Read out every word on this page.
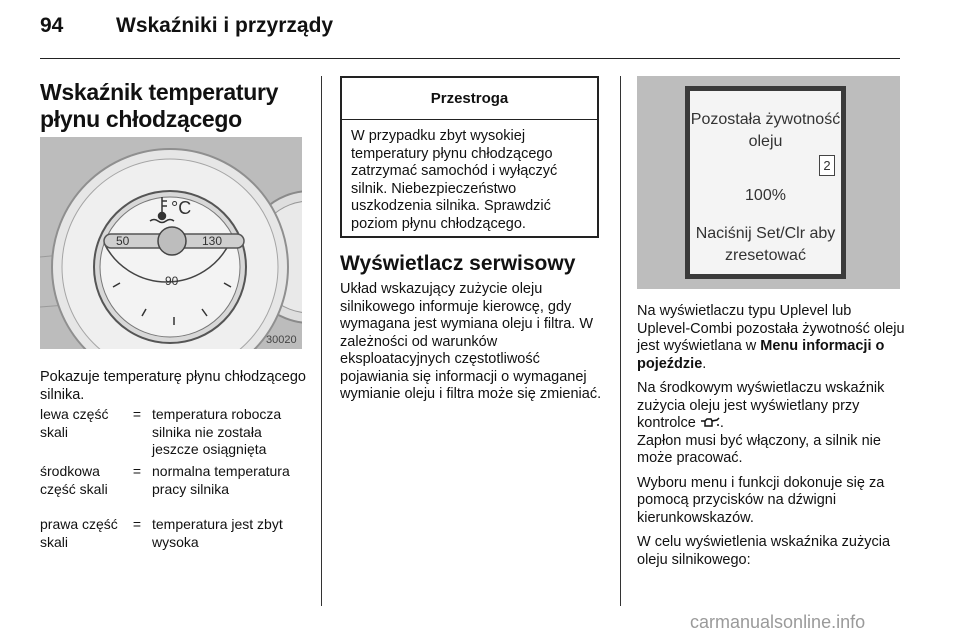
94	Wskaźniki i przyrządy
Wskaźnik temperatury płynu chłodzącego
50	130
90
°C
30020
Pokazuje temperaturę płynu chłodzącego silnika.
lewa część skali
= temperatura robocza silnika nie została jeszcze osiągnięta
środkowa część skali
= normalna temperatura pracy silnika
prawa część skali
= temperatura jest zbyt wysoka
Przestroga
W przypadku zbyt wysokiej temperatury płynu chłodzącego zatrzymać samochód i wyłączyć silnik. Niebezpieczeństwo uszkodzenia silnika. Sprawdzić poziom płynu chłodzącego.
Wyświetlacz serwisowy
Układ wskazujący zużycie oleju silnikowego informuje kierowcę, gdy wymagana jest wymiana oleju i filtra. W zależności od warunków eksploatacyjnych częstotliwość pojawiania się informacji o wymaganej wymianie oleju i filtra może się zmieniać.
Pozostała żywotność oleju
2
100%
Naciśnij Set/Clr aby zresetować

Na wyświetlaczu typu Uplevel lub Uplevel-Combi pozostała żywotność oleju jest wyświetlana w Menu informacji o pojeździe.

Na środkowym wyświetlaczu wskaźnik zużycia oleju jest wyświetlany przy kontrolce .
Zapłon musi być włączony, a silnik nie może pracować.

Wyboru menu i funkcji dokonuje się za pomocą przycisków na dźwigni kierunkowskazów.

W celu wyświetlenia wskaźnika zużycia oleju silnikowego:

carmanualsonline.info
